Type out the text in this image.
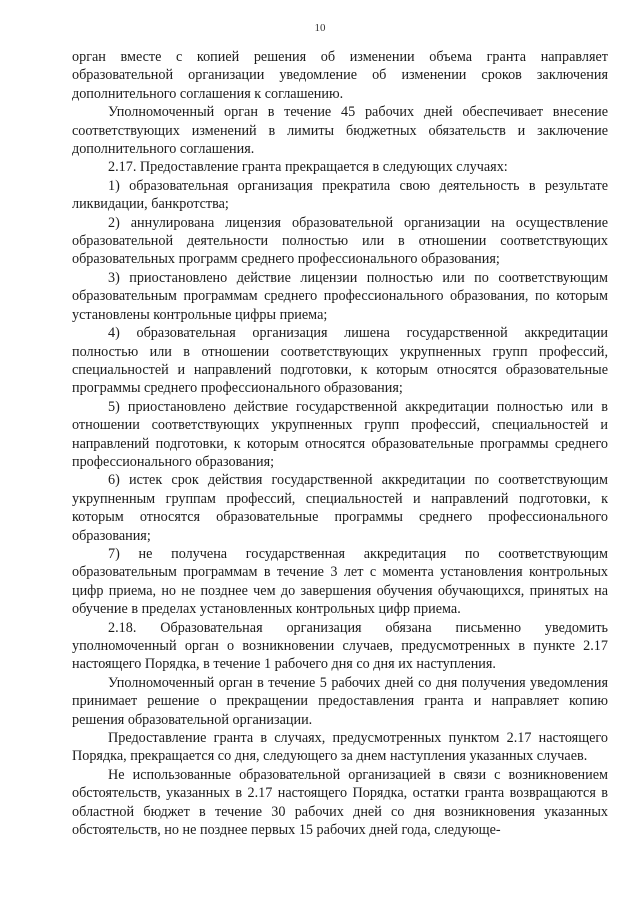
10

орган вместе с копией решения об изменении объема гранта направляет образовательной организации уведомление об изменении сроков заключения дополнительного соглашения к соглашению.

Уполномоченный орган в течение 45 рабочих дней обеспечивает внесение соответствующих изменений в лимиты бюджетных обязательств и заключение дополнительного соглашения.

2.17. Предоставление гранта прекращается в следующих случаях:

1) образовательная организация прекратила свою деятельность в результате ликвидации, банкротства;

2) аннулирована лицензия образовательной организации на осуществление образовательной деятельности полностью или в отношении соответствующих образовательных программ среднего профессионального образования;

3) приостановлено действие лицензии полностью или по соответствующим образовательным программам среднего профессионального образования, по которым установлены контрольные цифры приема;

4) образовательная организация лишена государственной аккредитации полностью или в отношении соответствующих укрупненных групп профессий, специальностей и направлений подготовки, к которым относятся образовательные программы среднего профессионального образования;

5) приостановлено действие государственной аккредитации полностью или в отношении соответствующих укрупненных групп профессий, специальностей и направлений подготовки, к которым относятся образовательные программы среднего профессионального образования;

6) истек срок действия государственной аккредитации по соответствующим укрупненным группам профессий, специальностей и направлений подготовки, к которым относятся образовательные программы среднего профессионального образования;

7) не получена государственная аккредитация по соответствующим образовательным программам в течение 3 лет с момента установления контрольных цифр приема, но не позднее чем до завершения обучения обучающихся, принятых на обучение в пределах установленных контрольных цифр приема.

2.18. Образовательная организация обязана письменно уведомить уполномоченный орган о возникновении случаев, предусмотренных в пункте 2.17 настоящего Порядка, в течение 1 рабочего дня со дня их наступления.

Уполномоченный орган в течение 5 рабочих дней со дня получения уведомления принимает решение о прекращении предоставления гранта и направляет копию решения образовательной организации.

Предоставление гранта в случаях, предусмотренных пунктом 2.17 настоящего Порядка, прекращается со дня, следующего за днем наступления указанных случаев.

Не использованные образовательной организацией в связи с возникновением обстоятельств, указанных в 2.17 настоящего Порядка, остатки гранта возвращаются в областной бюджет в течение 30 рабочих дней со дня возникновения указанных обстоятельств, но не позднее первых 15 рабочих дней года, следующе-
